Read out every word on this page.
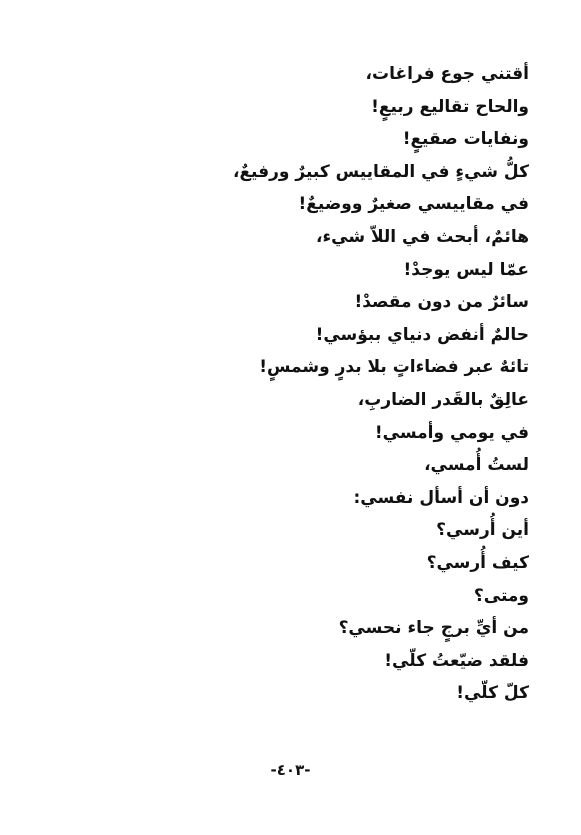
أقتني جوع فراغات،
والحاح تقاليع ربيعٍ!
ونفايات صقيعٍ!
كلُّ شيءٍ في المقاييس كبيرٌ ورفيعٌ،
في مقاييسي صغيرٌ ووضيعٌ!
هائمٌ، أبحث في اللاّ شيء،
عمّا ليس يوجدْ!
سائرٌ من دون مقصدْ!
حالمٌ أنفض دنياي ببؤسي!
تائهٌ عبر فضاءاتٍ بلا بدرٍ وشمسٍ!
عالِقٌ بالقَدر الضاربِ،
في يومي وأمسي!
لستُ أُمسي،
دون أن أسأل نفسي:
أين أُرسي؟
كيف أُرسي؟
ومتى؟
من أيِّ برجٍ جاء نحسي؟
فلقد ضيّعتُ كلّي!
كلّ كلّي!
-٤٠٣-
